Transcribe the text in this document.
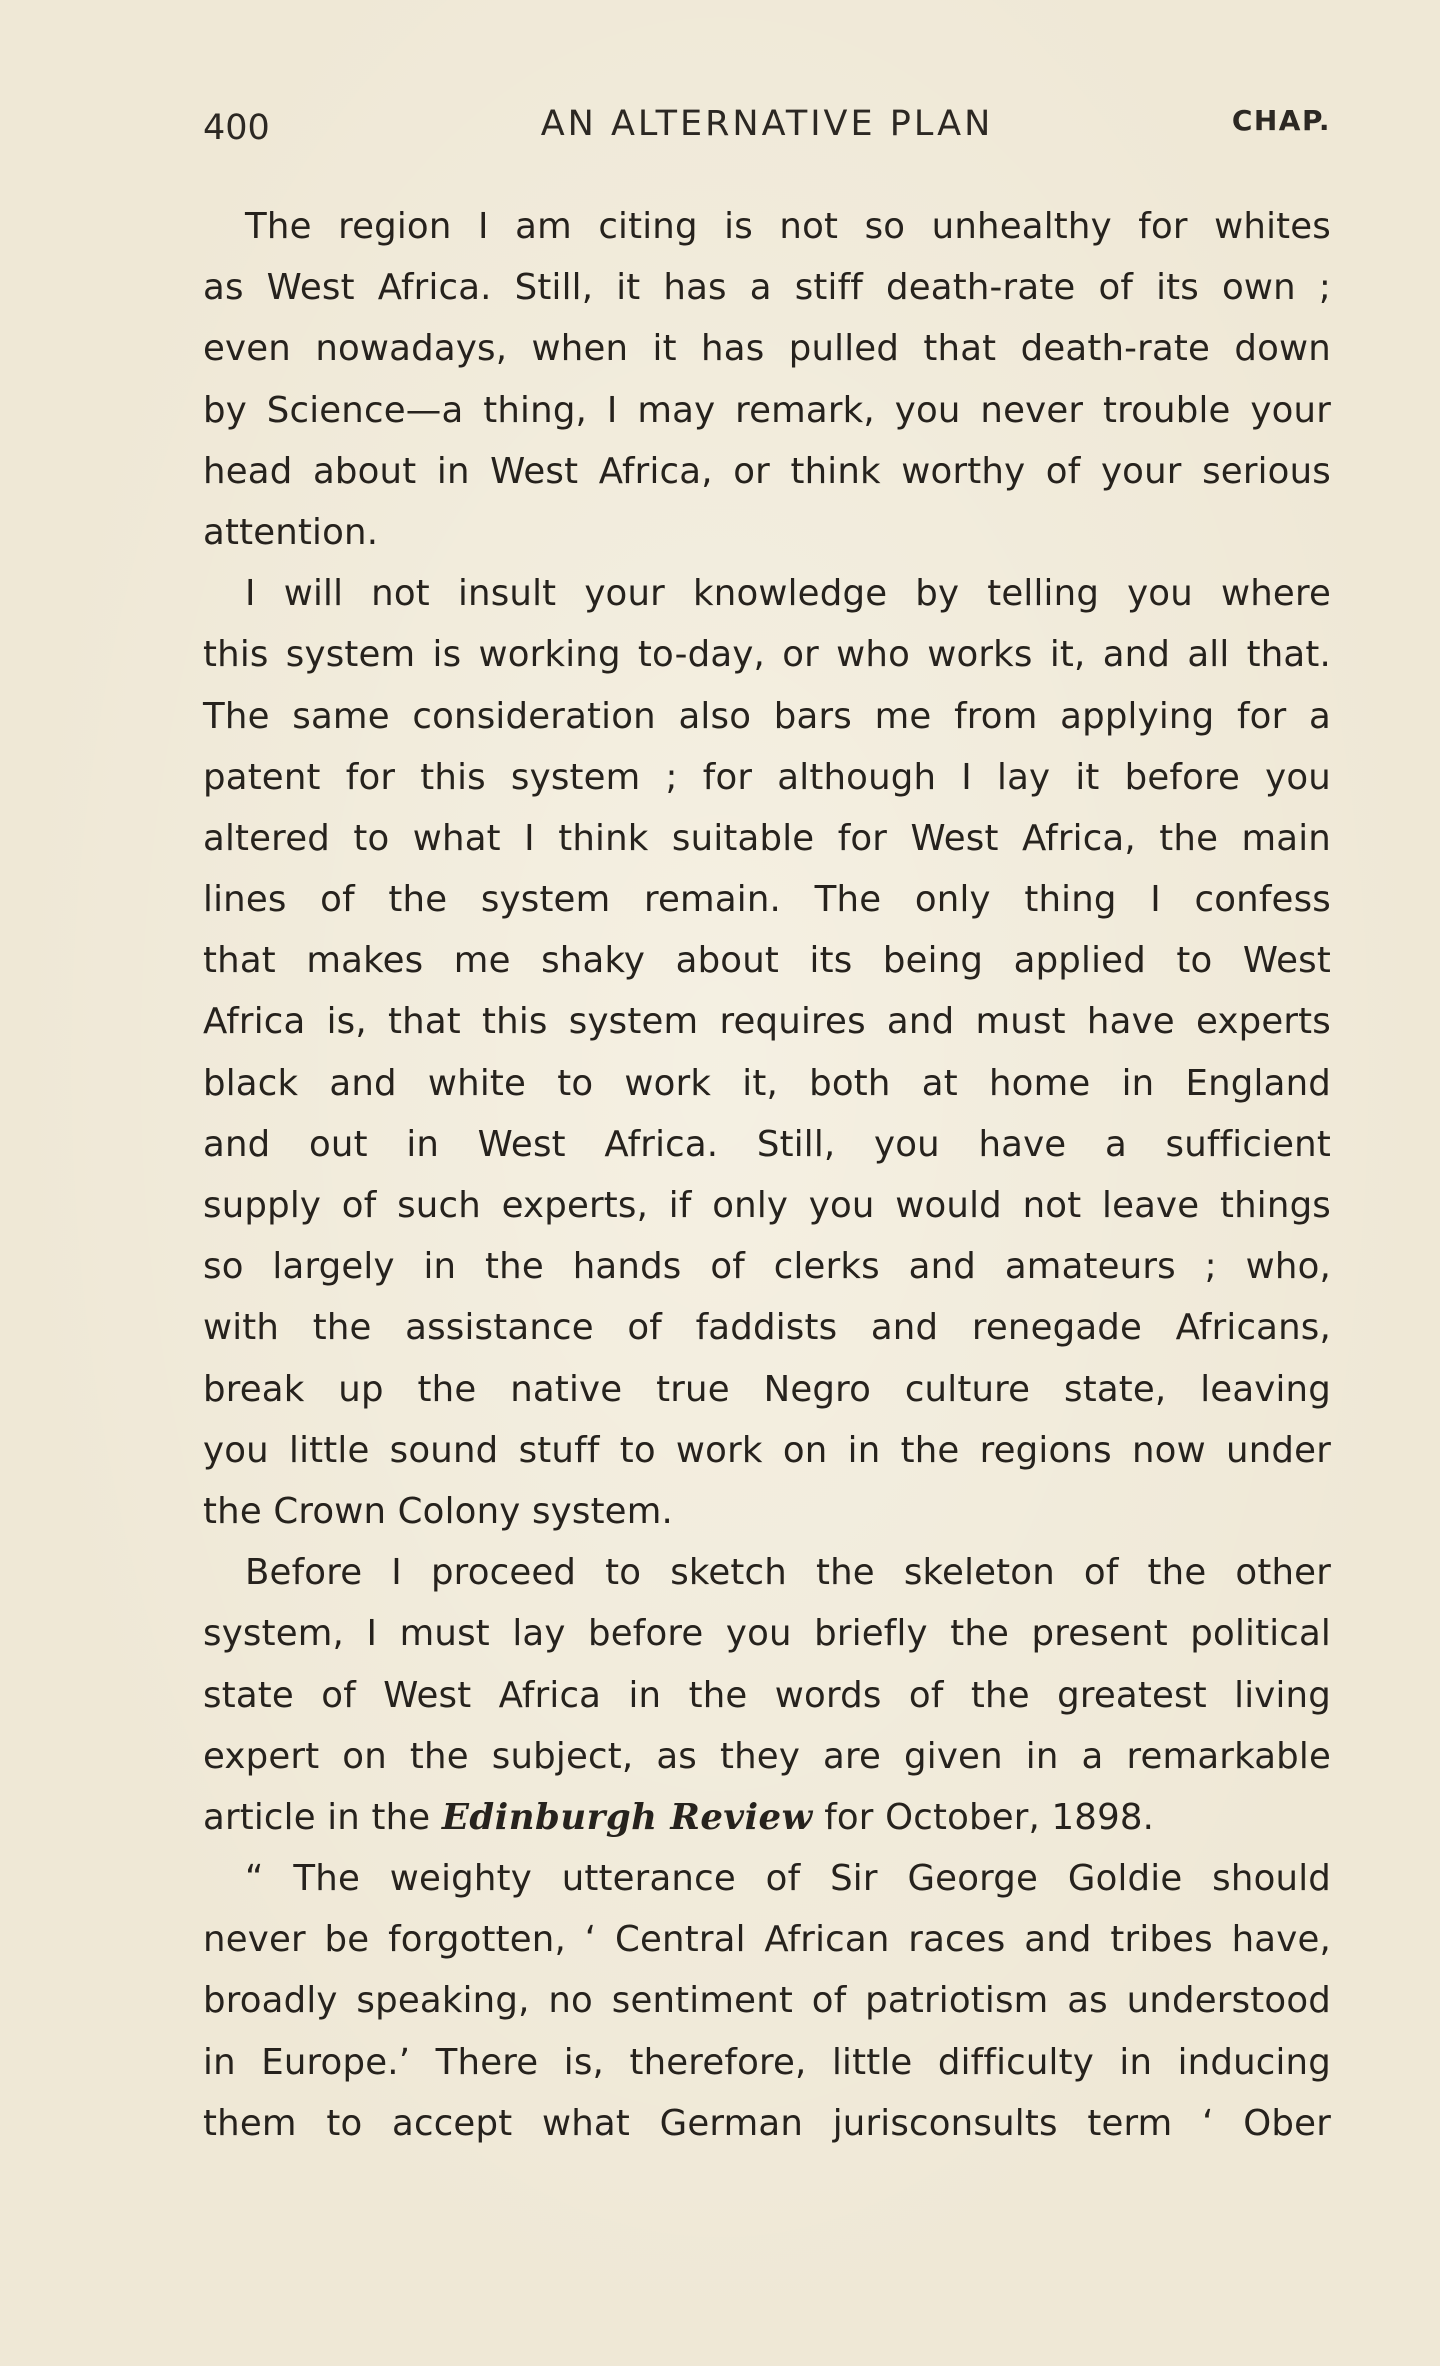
400	AN ALTERNATIVE PLAN	CHAP.
The region I am citing is not so unhealthy for whites
as West Africa. Still, it has a stiff death-rate of its own ;
even nowadays, when it has pulled that death-rate down
by Science—a thing, I may remark, you never trouble your
head about in West Africa, or think worthy of your serious
attention.
I will not insult your knowledge by telling you where
this system is working to-day, or who works it, and all that.
The same consideration also bars me from applying for a
patent for this system ; for although I lay it before you
altered to what I think suitable for West Africa, the main
lines of the system remain. The only thing I confess
that makes me shaky about its being applied to West
Africa is, that this system requires and must have experts
black and white to work it, both at home in England
and out in West Africa. Still, you have a sufficient
supply of such experts, if only you would not leave things
so largely in the hands of clerks and amateurs ; who,
with the assistance of faddists and renegade Africans,
break up the native true Negro culture state, leaving
you little sound stuff to work on in the regions now under
the Crown Colony system.
Before I proceed to sketch the skeleton of the other
system, I must lay before you briefly the present political
state of West Africa in the words of the greatest living
expert on the subject, as they are given in a remarkable
article in the Edinburgh Review for October, 1898.
“ The weighty utterance of Sir George Goldie should
never be forgotten, ‘ Central African races and tribes have,
broadly speaking, no sentiment of patriotism as understood
in Europe.’ There is, therefore, little difficulty in inducing
them to accept what German jurisconsults term ‘ Ober
